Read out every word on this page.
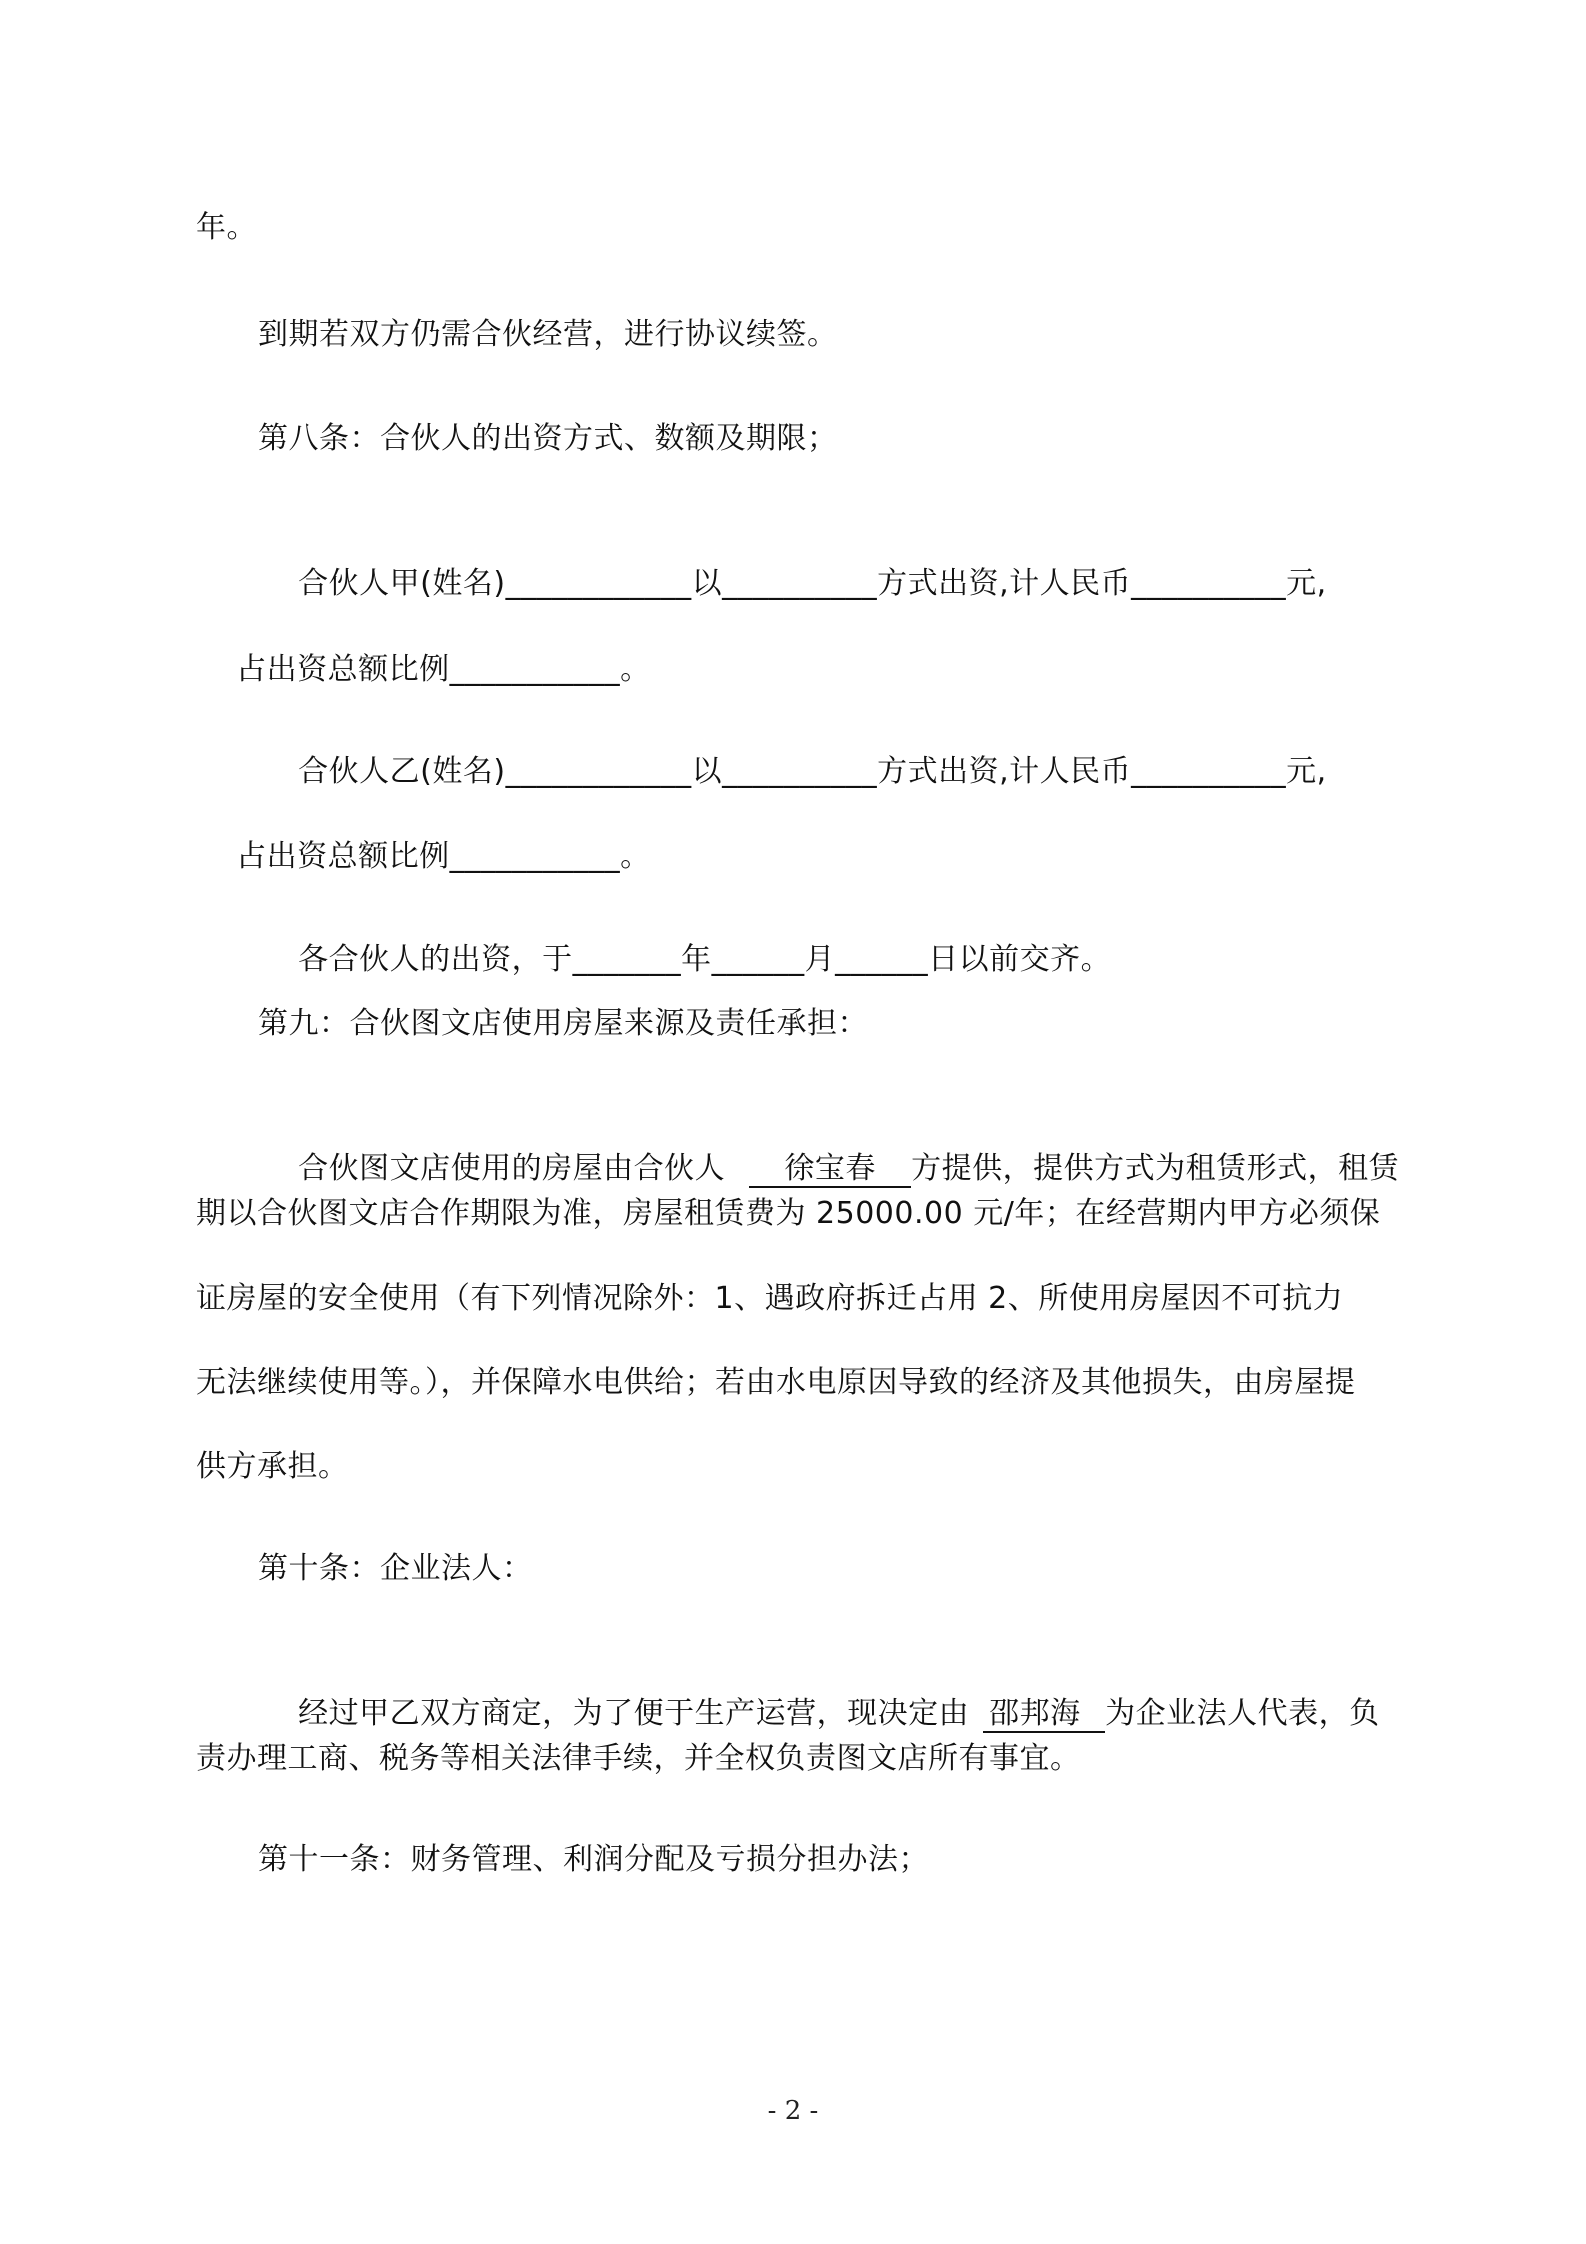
年。
到期若双方仍需合伙经营，进行协议续签。
第八条：合伙人的出资方式、数额及期限；

合伙人甲(姓名)____________以__________方式出资,计人民币__________元,

占出资总额比例___________。

合伙人乙(姓名)____________以__________方式出资,计人民币__________元,

占出资总额比例___________。

各合伙人的出资，于_______年______月______日以前交齐。

第九：合伙图文店使用房屋来源及责任承担：

合伙图文店使用的房屋由合伙人 徐宝春 方提供，提供方式为租赁形式，租赁

期以合伙图文店合作期限为准，房屋租赁费为 25000.00 元/年；在经营期内甲方必须保
证房屋的安全使用（有下列情况除外：1、遇政府拆迁占用 2、所使用房屋因不可抗力
无法继续使用等。），并保障水电供给；若由水电原因导致的经济及其他损失，由房屋提
供方承担。
第十条：企业法人：

经过甲乙双方商定，为了便于生产运营，现决定由 邵邦海 为企业法人代表，负

责办理工商、税务等相关法律手续，并全权负责图文店所有事宜。
第十一条：财务管理、利润分配及亏损分担办法；
- 2 -
